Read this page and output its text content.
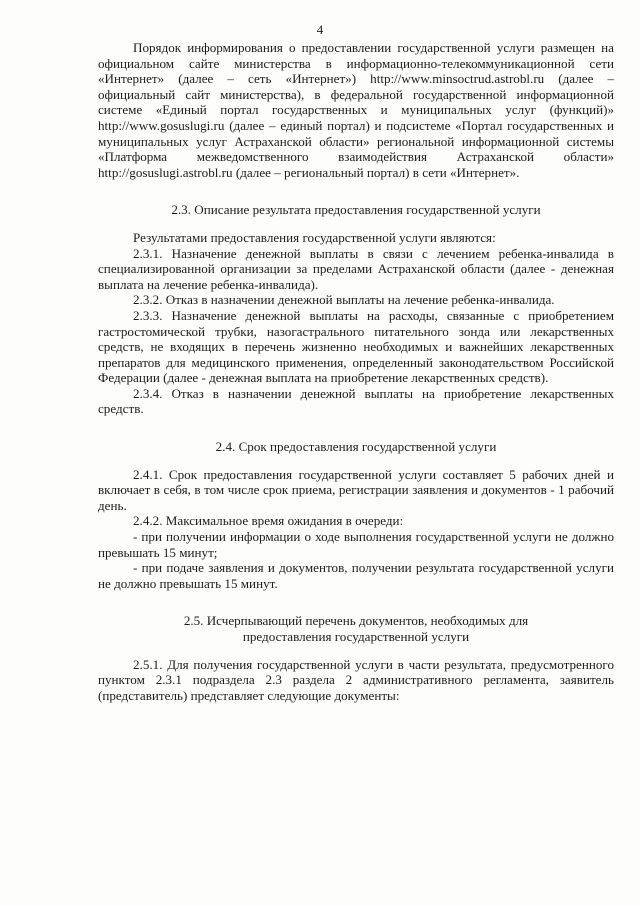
4

Порядок информирования о предоставлении государственной услуги размещен на официальном сайте министерства в информационно-телекоммуникационной сети «Интернет» (далее – сеть «Интернет») http://www.minsoctrud.astrobl.ru (далее – официальный сайт министерства), в федеральной государственной информационной системе «Единый портал государственных и муниципальных услуг (функций)» http://www.gosuslugi.ru (далее – единый портал) и подсистеме «Портал государственных и муниципальных услуг Астраханской области» региональной информационной системы «Платформа межведомственного взаимодействия Астраханской области» http://gosuslugi.astrobl.ru (далее – региональный портал) в сети «Интернет».

2.3. Описание результата предоставления государственной услуги

Результатами предоставления государственной услуги являются:

2.3.1. Назначение денежной выплаты в связи с лечением ребенка-инвалида в специализированной организации за пределами Астраханской области (далее - денежная выплата на лечение ребенка-инвалида).

2.3.2. Отказ в назначении денежной выплаты на лечение ребенка-инвалида.

2.3.3. Назначение денежной выплаты на расходы, связанные с приобретением гастростомической трубки, назогастрального питательного зонда или лекарственных средств, не входящих в перечень жизненно необходимых и важнейших лекарственных препаратов для медицинского применения, определенный законодательством Российской Федерации (далее - денежная выплата на приобретение лекарственных средств).

2.3.4. Отказ в назначении денежной выплаты на приобретение лекарственных средств.

2.4. Срок предоставления государственной услуги

2.4.1. Срок предоставления государственной услуги составляет 5 рабочих дней и включает в себя, в том числе срок приема, регистрации заявления и документов - 1 рабочий день.

2.4.2. Максимальное время ожидания в очереди:

- при получении информации о ходе выполнения государственной услуги не должно превышать 15 минут;

- при подаче заявления и документов, получении результата государственной услуги не должно превышать 15 минут.

2.5. Исчерпывающий перечень документов, необходимых для

предоставления государственной услуги

2.5.1. Для получения государственной услуги в части результата, предусмотренного пунктом 2.3.1 подраздела 2.3 раздела 2 административного регламента, заявитель (представитель) представляет следующие документы:
